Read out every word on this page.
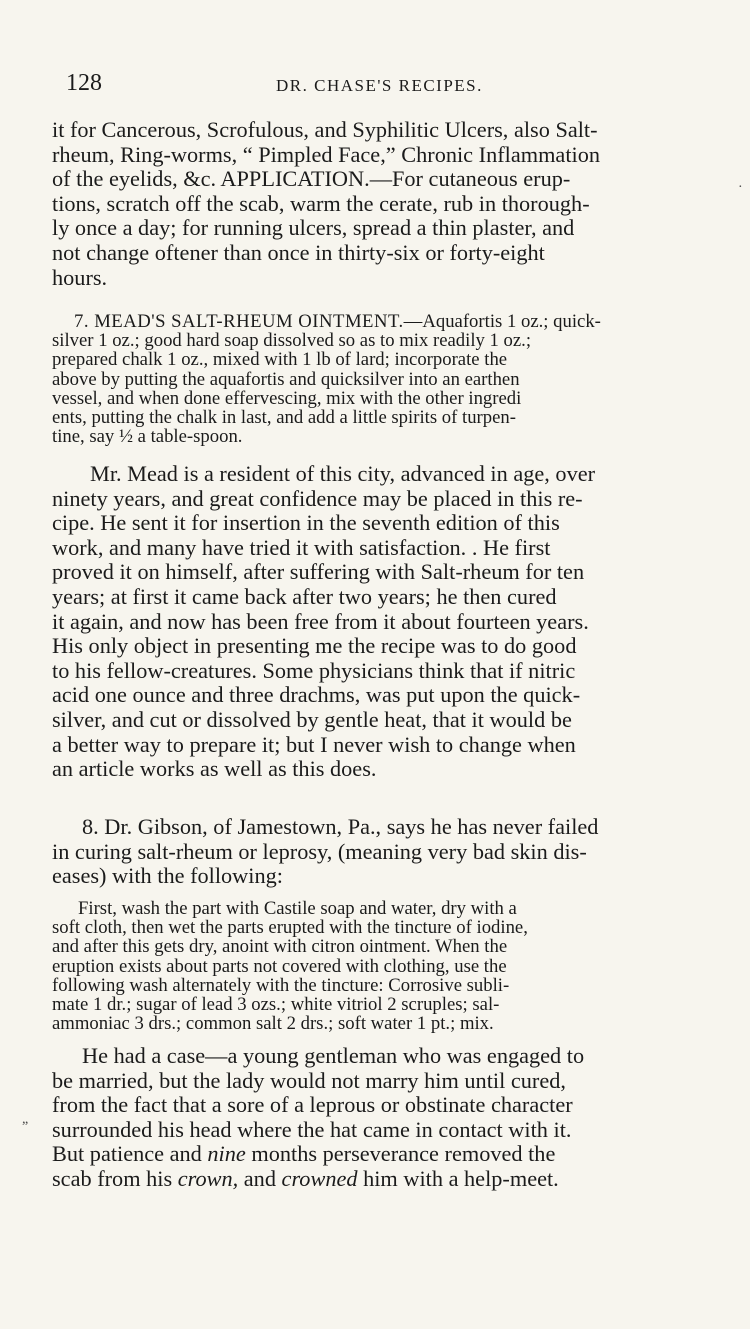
128	DR. CHASE'S RECIPES.
it for Cancerous, Scrofulous, and Syphilitic Ulcers, also Salt-
rheum, Ring-worms, “ Pimpled Face,” Chronic Inflammation
of the eyelids, &c. APPLICATION.—For cutaneous erup-
tions, scratch off the scab, warm the cerate, rub in thorough-
ly once a day; for running ulcers, spread a thin plaster, and
not change oftener than once in thirty-six or forty-eight
hours.
7. MEAD'S SALT-RHEUM OINTMENT.—Aquafortis 1 oz.; quick-
silver 1 oz.; good hard soap dissolved so as to mix readily 1 oz.;
prepared chalk 1 oz., mixed with 1 lb of lard; incorporate the
above by putting the aquafortis and quicksilver into an earthen
vessel, and when done effervescing, mix with the other ingredi
ents, putting the chalk in last, and add a little spirits of turpen-
tine, say ½ a table-spoon.
Mr. Mead is a resident of this city, advanced in age, over
ninety years, and great confidence may be placed in this re-
cipe. He sent it for insertion in the seventh edition of this
work, and many have tried it with satisfaction. . He first
proved it on himself, after suffering with Salt-rheum for ten
years; at first it came back after two years; he then cured
it again, and now has been free from it about fourteen years.
His only object in presenting me the recipe was to do good
to his fellow-creatures. Some physicians think that if nitric
acid one ounce and three drachms, was put upon the quick-
silver, and cut or dissolved by gentle heat, that it would be
a better way to prepare it; but I never wish to change when
an article works as well as this does.
8. Dr. Gibson, of Jamestown, Pa., says he has never failed
in curing salt-rheum or leprosy, (meaning very bad skin dis-
eases) with the following:
First, wash the part with Castile soap and water, dry with a
soft cloth, then wet the parts erupted with the tincture of iodine,
and after this gets dry, anoint with citron ointment. When the
eruption exists about parts not covered with clothing, use the
following wash alternately with the tincture: Corrosive subli-
mate 1 dr.; sugar of lead 3 ozs.; white vitriol 2 scruples; sal-
ammoniac 3 drs.; common salt 2 drs.; soft water 1 pt.; mix.
He had a case—a young gentleman who was engaged to
be married, but the lady would not marry him until cured,
from the fact that a sore of a leprous or obstinate character
surrounded his head where the hat came in contact with it.
But patience and nine months perseverance removed the
scab from his crown, and crowned him with a help-meet.
„
·
